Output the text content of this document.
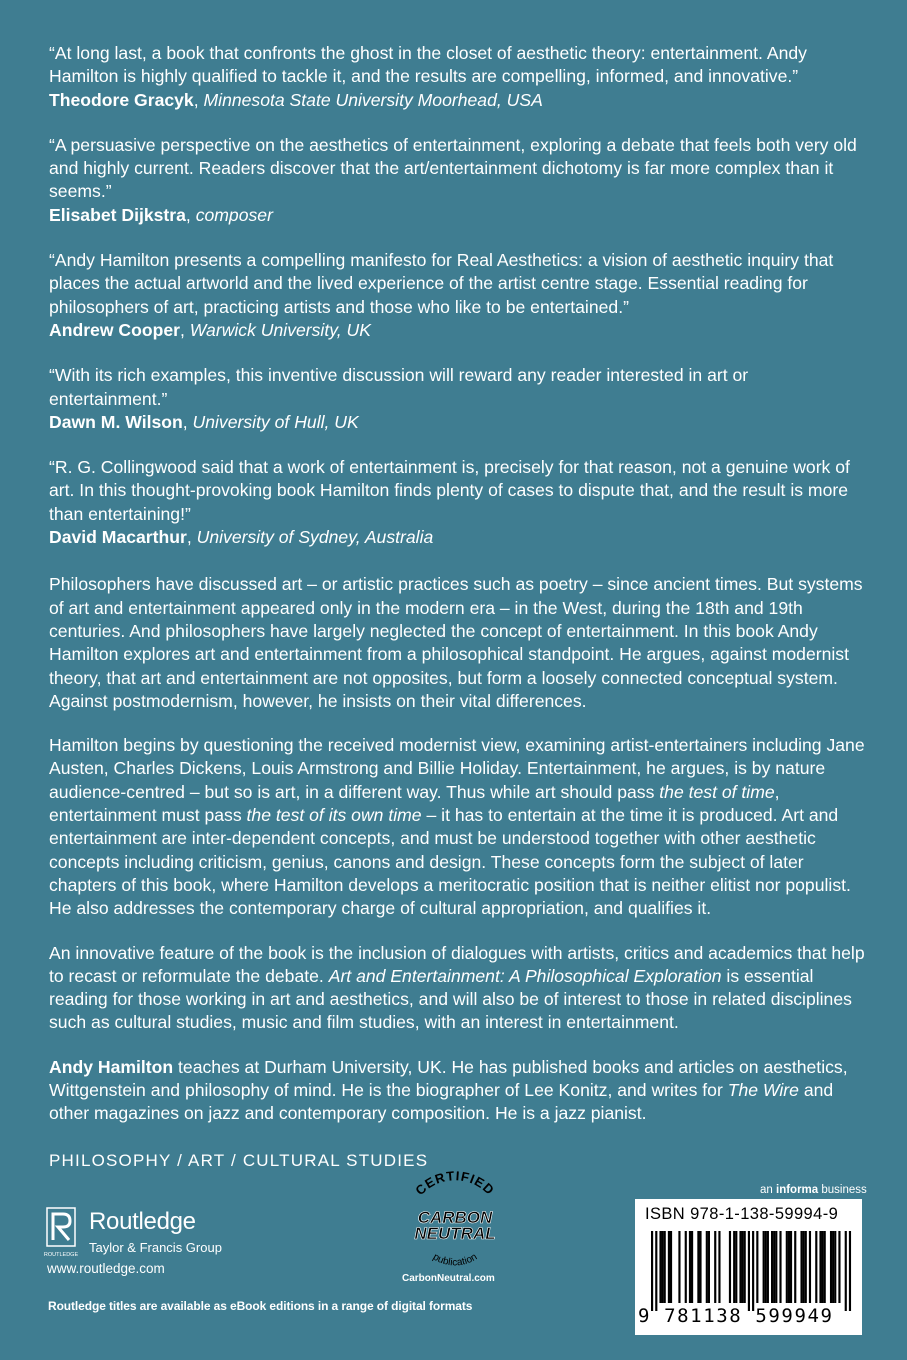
“At long last, a book that confronts the ghost in the closet of aesthetic theory: entertainment. Andy Hamilton is highly qualified to tackle it, and the results are compelling, informed, and innovative.”
Theodore Gracyk, Minnesota State University Moorhead, USA
“A persuasive perspective on the aesthetics of entertainment, exploring a debate that feels both very old and highly current. Readers discover that the art/entertainment dichotomy is far more complex than it seems.”
Elisabet Dijkstra, composer
“Andy Hamilton presents a compelling manifesto for Real Aesthetics: a vision of aesthetic inquiry that places the actual artworld and the lived experience of the artist centre stage. Essential reading for philosophers of art, practicing artists and those who like to be entertained.”
Andrew Cooper, Warwick University, UK
“With its rich examples, this inventive discussion will reward any reader interested in art or entertainment.”
Dawn M. Wilson, University of Hull, UK
“R. G. Collingwood said that a work of entertainment is, precisely for that reason, not a genuine work of art. In this thought-provoking book Hamilton finds plenty of cases to dispute that, and the result is more than entertaining!”
David Macarthur, University of Sydney, Australia

Philosophers have discussed art – or artistic practices such as poetry – since ancient times. But systems of art and entertainment appeared only in the modern era – in the West, during the 18th and 19th centuries. And philosophers have largely neglected the concept of entertainment. In this book Andy Hamilton explores art and entertainment from a philosophical standpoint. He argues, against modernist theory, that art and entertainment are not opposites, but form a loosely connected conceptual system. Against postmodernism, however, he insists on their vital differences.

Hamilton begins by questioning the received modernist view, examining artist-entertainers including Jane Austen, Charles Dickens, Louis Armstrong and Billie Holiday. Entertainment, he argues, is by nature audience-centred – but so is art, in a different way. Thus while art should pass the test of time, entertainment must pass the test of its own time – it has to entertain at the time it is produced. Art and entertainment are inter-dependent concepts, and must be understood together with other aesthetic concepts including criticism, genius, canons and design. These concepts form the subject of later chapters of this book, where Hamilton develops a meritocratic position that is neither elitist nor populist. He also addresses the contemporary charge of cultural appropriation, and qualifies it.

An innovative feature of the book is the inclusion of dialogues with artists, critics and academics that help to recast or reformulate the debate. Art and Entertainment: A Philosophical Exploration is essential reading for those working in art and aesthetics, and will also be of interest to those in related disciplines such as cultural studies, music and film studies, with an interest in entertainment.

Andy Hamilton teaches at Durham University, UK. He has published books and articles on aesthetics, Wittgenstein and philosophy of mind. He is the biographer of Lee Konitz, and writes for The Wire and other magazines on jazz and contemporary composition. He is a jazz pianist.

PHILOSOPHY / ART / CULTURAL STUDIES
ROUTLEDGE
Routledge
Taylor & Francis Group
www.routledge.com
Routledge titles are available as eBook editions in a range of digital formats
CERTIFIED
CARBON
NEUTRAL
publication
CarbonNeutral.com
an informa business
ISBN 978-1-138-59994-9
9 781138 599949
